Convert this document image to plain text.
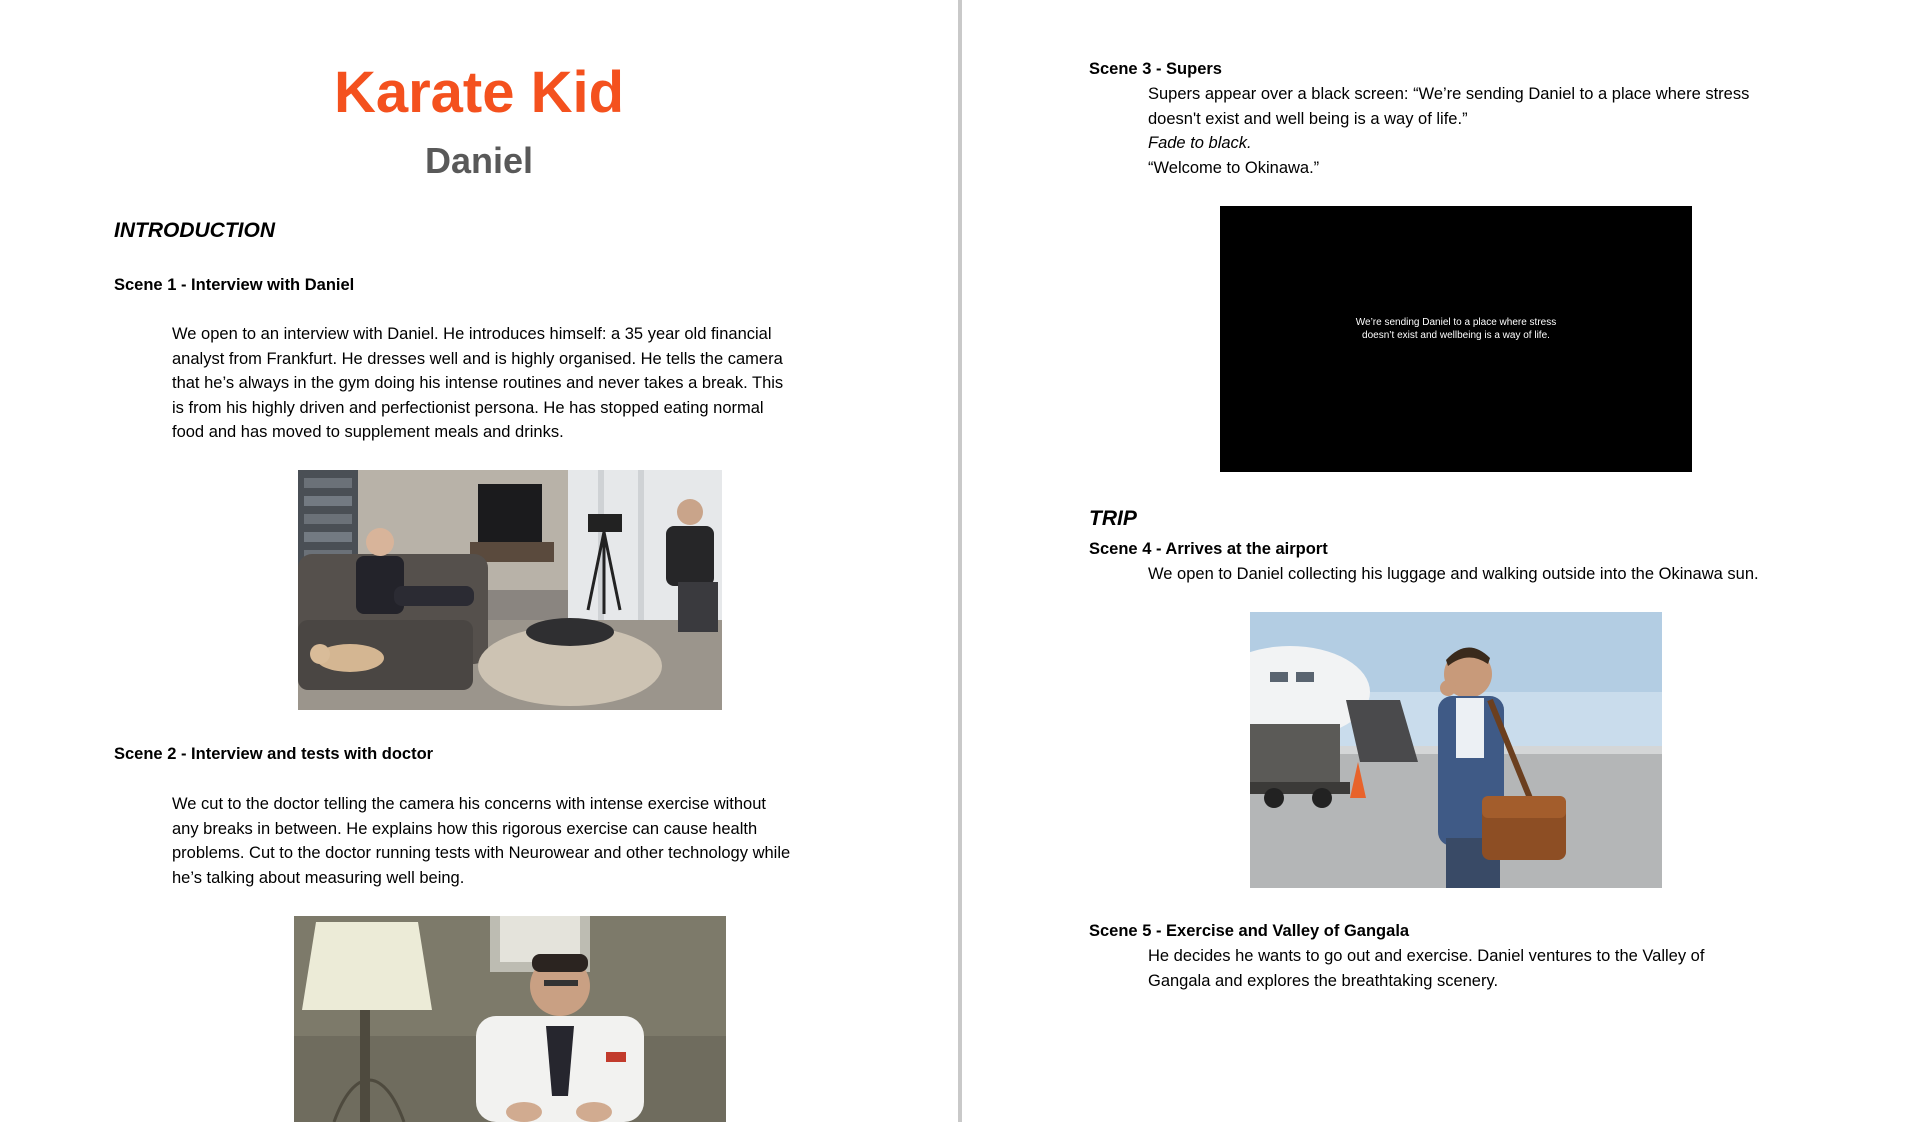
Karate Kid
Daniel
INTRODUCTION
Scene 1 - Interview with Daniel

We open to an interview with Daniel. He introduces himself: a 35 year old financial

analyst from Frankfurt. He dresses well and is highly organised. He tells the camera

that he’s always in the gym doing his intense routines and never takes a break. This

is from his highly driven and perfectionist persona. He has stopped eating normal

food and has moved to supplement meals and drinks.

Scene 2 - Interview and tests with doctor

We cut to the doctor telling the camera his concerns with intense exercise without

any breaks in between. He explains how this rigorous exercise can cause health

problems. Cut to the doctor running tests with Neurowear and other technology while

he’s talking about measuring well being.

Scene 3 - Supers

Supers appear over a black screen: “We’re sending Daniel to a place where stress

doesn't exist and well being is a way of life.”

Fade to black.

“Welcome to Okinawa.”

We’re sending Daniel to a place where stress
doesn’t exist and wellbeing is a way of life.
TRIP
Scene 4 - Arrives at the airport

We open to Daniel collecting his luggage and walking outside into the Okinawa sun.

Scene 5 - Exercise and Valley of Gangala

He decides he wants to go out and exercise. Daniel ventures to the Valley of

Gangala and explores the breathtaking scenery.
